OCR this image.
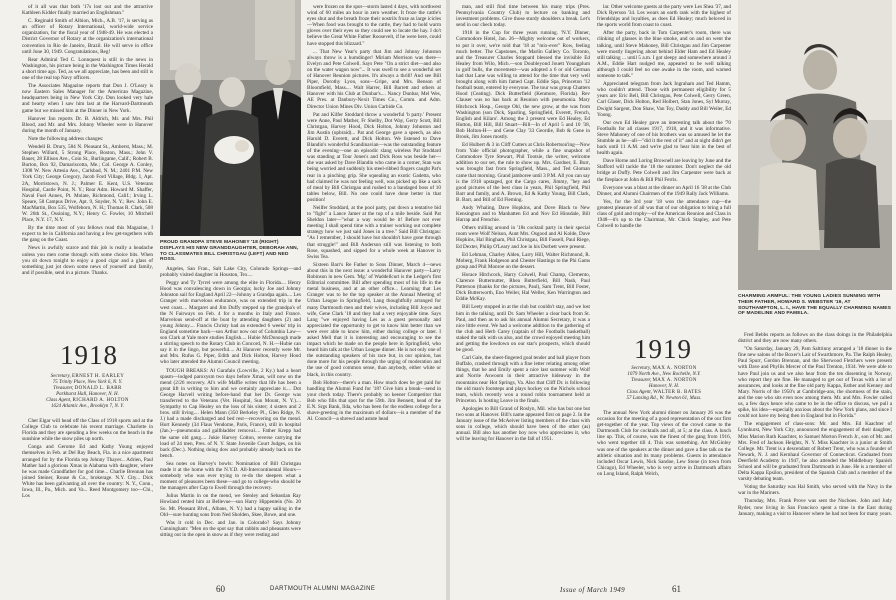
of it all was that both '17s lost out and the attractive Kathleen Kidder finally married an Englishman."

C. Reginald Smith of Albion, Mich., A.B. '17, is serving as an officer of Rotary International, world-wide service organization, for the fiscal year of 1948-49. He was elected a District Governor of Rotary at the organization's international convention in Rio de Janeiro, Brazil. He will serve in office until June 30, 1949. Congratulations, Reg!

Rear Admiral Ted C. Lonnquest is still in the news in Washington, his picture being in the Washington Times Herald a short time ago. Ted, as we all appreciate, has been and still is one of the real top Navy officers.

The Associates Magazine reports that Don J. O'Leary is now Eastern Sales Manager for the American Magazine, headquarters being in New York City. Don looked very hale and hearty when I saw him last at the Harvard-Dartmouth game but we missed him at the Dinner in New York.

Hanover Inn reports Dr. B. Aldrich, Mr. and Mrs. Phil Blood, and Mr. and Mrs. Johnny Wheeler were in Hanover during the month of January.

Note the following address changes:

Wendell B. Drury, 584 N. Pleasant St., Amherst, Mass.; M. Stephen Willard, 5 Strong Place, Boston, Mass.; John V. Bauer, 28 Ellison Ave., Coin St., Burlingame, Calif.; Robert B. Burton, Box 92, Damariscotta, Me.; Col. George A. Conley, 1308 W. New Artesia Ave., Carlsbad, N. M.; 2401 P.M. New York City; George Gregory, Jacob Ford Village, Bldg. 1, Apt. 2A, Morristown, N. J.; Palmer E. Kent, U.S. Veterans Hospital, Castle Point, N. Y.; Rear Adm. Howard M. Shaffer, Naval Fuel Annex, Pt. Molate, Richmond, Calif.; Irving L. Speare, 58 Campus Drive, Apt. 9, Snyder, N. Y.; Rev. John E. MacMartin, Box 535, Wolfeboro, N. H.; Thomas R. Clark, 508 W. 26th St., Ossining, N.Y.; Henry G. Fowler, 10 Mitchell Place, N.Y. 17, N.Y.

By the time most of you fellows read this Magazine, I expect to be in California and having a few get-togethers with the gang on the Coast.

News is awfully scarce and this job is really a headache unless you men come through with some choice bits. When you sit down tonight to enjoy a good cigar and a glass of something just jot down some news of yourself and family, and if possible, send in a picture. Thanks.

1918
Secretary, ERNEST H. EARLEY
75 Trinity Place, New York 6, N. Y.
Treasurer, DONALD L. BARR
Parkhurst Hall, Hanover, N. H.
Class Agent, RICHARD A. HOLTON
1624 Atlantic Ave., Brooklyn 7, N. Y.

Chet Elgar will head off the Class of 1918 sports and at the College Club to celebrate his recent marriage. Charlotte in Florida and they are spending a few weeks on the beach in the sunshine while the snow piles up north.

Conga and Gerome Ed and Kathy Young enjoyed themselves in Feb. at Del Ray Beach, Fla. in a nice apartment arranged for by the Florida rep Johnny Thayer... Adrien, Paul Mather had a glorious Xmas in Alabama with daughter, where he was made Grandfather for god time... Charlie Brennan has joined Steiner, Rouse & Co., brokerage. N.Y. City... Dick White has been galivanting all over the country: N. Y., Conn., Iowa, Ill., Pa., Mich. and Va... Reed Montgomery too—Chi., Los

PROUD GRANDPA STEVE MAHONEY '18 (RIGHT) DISPLAYS HIS NEW GRANDDAUGHTER, DEBORAH ANN, TO CLASSMATES BILL CHRISTGAU (LEFT) AND NED ROSS.

Angeles, San Fran., Salt Lake City, Colorado Springs—and probably visited daughter in Houston, Tex....

Peggy and Ty Tyrrel were among the elite in Florida.... Henry Hood was convalescing down in Georgia; lucky Joe and Johnny Johnston sail for England April 22—Johnny a Grandpa again.... Les Granger with marvelous endurance, was on extended trip in the west coast.... Margaret and Jim Duffy stepped up the grandpa's of the N Fairways on Feb. 4 for a months in Italy and France. Marvelous send-off at the boat by attending daughters (2) and young Johnny.... Francis Christy had an extended 6 weeks' trip in England sometime back—son Arthur now out of Columbia Law—son Clark at Yale more studies English.... Hubie McDonough made a stirring speech to the Rotary Club in Concord, N. H.—Hubie can say it in the lingo, but powerful.... At Hanover recently were Mr. and Mrs. Rufus G. Piper, Edith and Dick Holton, Harvey Hood who later attended the Alumni Council meeting.

TOUGH BREAKS: Al Garafalo (Lowville, 2 Ky.) had a heart spasm—lodged paroxysm two days before Xmas, will now on the mend (2/26 recovery. Al's wife Maffie writes that life has been a great lift in writing to him and we certainly appreciate it.... Dot George Harvell writing before-hand that her Dr. George was transferred to the Veterans (Vet. Hospital, Sun Mount, N. Y.).... Sympathy to Cap Healey on the loss of his sister; 4 sisters and 2 bros. still living.... Helen Mann (350 Berkeley Pl., Glen Ridge, N. J.) had a made discharged and bed rest—recovering on the mend. Hort Kennedy (34 Flaus Vendome, Paris, France), still in hospital (Jan.)—pneumonia and gallbladder removal.... Father Krepp had the same old gang.... Jukie Harvey Colton, reverse carrying the load of 24 men, Pres. of N. Y. State Juvenile Court Judges, on his back (Dec.). Nothing doing dow and probably already back on the bench.

Sea notes on Harvey's bowls: Nomination of Bill Christgau made it at the home with the N.Y.D. All-Intercontinental Hours—somebody who was ever trying to re-do the sleepers what a moment of pleasures been these—and go to college-who should be the managers after Cap to Ewell through the recovery.

Julius Martin in on the mend, we Stenley and Sebastian Ray Howland rented him at Bellevue—son Harry Hippentein (No. 20 So. Mt. Pleasant Blvd., Albans, N. Y.) had a happy sailing in the Old—sure hunting sons from Ned Sholden, Skee, Bowe, and one.

Was it cold in Dec. and Jan. in Colorado? Says Johnny Cunningham: "Men on the spot say that rabbits and pheasants were sitting out in the open in snow as if they were resting and

were frozen on the spot—storm lasted 4 days, with northwest wind of 60 miles an hour in zero weather. It froze the cattle's eyes shut and the breath froze their nostrils froze as large icicles—When food was brought to the cattle, they had to hold warm gloves over their eyes so they could see to locate the hay. I do't believe the Great White Father Roosevelt, if he were here, could have stopped this blizzard."

... That New Year's party that Jim and Johnny Johnston always throw is a humdinger! Miriam Morrison was there—Evelyn and Pete Colwell. Says Pete "On a strict diet—and also on the water wagon now"... It was swell to see a wonderful set of Hanover Reunion pictures. It's always a thrill! And see Bill Piper, Dorothy Lyon, sons—Gripe, and Mrs. Benson of Bloomfield, Mass.... Walt Harrer, Bill Barrett and others at Hanover with his Club at Dunbar's.... Nancy Dunbar, Mel Wes, AE Pres. at Danbury-Nexit Times Co., Comm. and Adm. Director Union Mines Div. Union Carbide Co.

Pat and Kilfer Stoddard throw a wonderful 'b party.' Present were Anne, Paul Mather, Fr Shelby, Dot Way, Gerry Scott, Bill Christgau, Harvey Hood, Dick Holton, Johnny Johnston and Jim Austin (upbraid)... Pat and George gave a speech, as also Harold D. Everett, and Dick Holton. We listened to Dave Blandin's wonderful Scandinavian—was the outstanding feature of the evening—one an episodic slang wireless Pat Stoddard was standing at Tour Jones's and Dick Ross was beside her—she was asked by Dave Blandin who came in a corner, Stan was being worried and suddenly his steel-ribbed fingers caught Pat's rear in a pinching grip. She squealing an exotic Gadetta, who had claimed he was not feeling well, was picked up like a sack of meal by Bill Christgau and rushed to a bandaged boss of 10 tables below, Bill. No one could have done better in that position!

Neilfer Stoddard, at the pool party, put down a tentative bid to "fight" a Lance Jamer at the top of a mile beside. Said Pat Sheldon later—"what a way would be it! Before not ever meeting I shall spend time with a trainer working out complete strategy how we just said Jones in a tree." Said Bill Christgau: "As I remember, I should have but shouldn't have gone through that struggle!" and Bill Anderson still was listening to both Rose, squashed, and sipped for a whole week at Hanover in Swiss Tea.

Sixteen Barr's Re Father to Sons Dinner, March 4—news about this in the next issue: a wonderful Hanover party—Larry Robinson in new Gem. 'Mg.' of Waddellcurt is the Ledger's first Editorial committee. Bill after spending most of his life in the metal business, and at an other office... Learning that Les Granger was to be the top speaker at the Annual Meeting of Urban League in Springfield, Lang thoughtfully arranged for many Dartmouth men and their wives, including Bill Joyce and wife, Gene Clark '18 and they had a very enjoyable time. Says Lang "we enjoyed having Les as a guest personally and appreciated the opportunity to get to know him better than we were ever able to know him, either during college or later. I asked Mell that it is interesting and encouraging to see the impact which he made on the people here in Springfield, who heard him talk at the Urban League dinner. He is not only one of the outstanding speakers of his race but, in our opinion, has done more for his people through the urging of moderation and the use of good common sense, than anybody, either white or black, in this country.

Bob Holton—there's a man. How much does he get paid for handling the Alumni Fund for '18? Give him a break—send in your check today. There's probably no keener Competitor that Bob who fills that spot for the 59th. Jim Bennett, head of the E.N. Srgs Bank, Ilda, who has been for the endless college for a shave-greeting in the maximum of dollars—is a member of the Al. Council—a shrewd and astute head

60	DARTMOUTH ALUMNI MAGAZINE

man, and still find time between his many trips (Pres. Pennsylvania Country Club) to lecture on banking and investment problems. Give those sturdy shoulders a break. Let's send in our check today.

1918 in the Cup for three years running. 'N.Y. Dinner, Commodore Hotel, Jan. 26—Mighty welcome out of workers, to put it over, we're told that '18 at "mix-ever" Row, feeling much better. The Capstones, the Marlin Gallery Co. Toronto, and the Treasurer Charles Stoppard blessed the invisible Ed Healey from Wilo, Mich.—son Doubleyond Jouett Youngplum in golf bulls, the movement—was adopted a 6 or old German had that Lane was willing to attend for the time that very well brought along with him famed Capt. Eddie Spa, Princeton '12 football team, entered by everyone. The tour was group Chatters Hood (Ceating). Dick Butterfield (Kenmore, Florida). Rev Clauser was no has back at Reunion with pneumonia. Mary Hitchcock Hosp., George Ohl, the new grow, at the was from Washington (son Dick, Sparling, Springfield, Everett, French, English and Kilaro'. Among the 3 present were Ed Healey, Ed Hutton, Bill Hill, Bill Stuart—Bill—In of April 5 and 10 '38, Bob Holton-H— and Gene Clay '33 Geordie, Bob & Gene in Brook, Jim Jones mostly.

Ed Hulbert & 3 in Cliff Cutters at Chris Robertson'ing—Now from Yale official photographer, while a fine snapshot of Commodore Tyre Stewart, Phil Tootsie, the writer, welcome addition to our set, the rule to show up. Mrs. Gardner, E. Burr, was brought fast from Springfield, Mass., and Ted Gloman came that morning. Grand jamboree until 3 P.M. All you can say is the 1918 upstaged, got the Cargo cares, Jimmy, "hey and good pictures of the best class in years, Phil Springfield, Phil Barr and family, and A. Brown, Ed & Kathy Young, Bill Clark, B. Barr, and Bill of Ed Fleming.

Andy Whaling, Dave Hopkins, and Dove Black to New Kensington and to Manhatten Ed and Nov Ed Hinsdale, Bill Harrap and Frenchie.

Others milling around in '18s cocktail party in their special room were Wolf Nelson, Aunt Mrs. Osgood and Al Kolde, Dave Hopkins, Hal Bingham, Phil Christgau, Bill Fassell, Paul Riege, Ed Dexter, Philip O'Leary and Joe in his Dorbett were present.

Ed Lehman, Charley Alden, Larry Hill, Walter Richmond, R. Moberg, Frank Hodgeson and Chester Hastings to the Phi Gams group and Phil Monroe on the dessert.

Horace Hitchcock, Harry Colwell, Paul Champ, Clemento, Clarence Butternutter, Rhea Butterfield, Bill Nash, Paul Patterson (thanks for the pictures, Paul), Sam Trent, Bill Foster, Dick Butterworth, Eno Weiler, Hal Weller, Ken Warrington and Eddie McKay.

Bill Leety stopped in at the club but couldn't stay, and we lost him in the talking, until Dr. Sam Wheeler a clear back from St. Paul, and then as to ask his annual Alumni Secretary, it was a nice little event. We had a welcome addition to the gathering of the club and Herb Carey (captain of the Footballs basketball) staked the talk with us also, and the crowd enjoyed meeting him and getting the lowdown on our star's prospects, which should be good.

Carl Gale, the sheet-fingered goal tender and ball player from Buffalo, crashed through with a fine letter relating among other things, that he and Emily spent a nice last summer with Wolf and Norrie Aswoom in their attractive hideaway in the mountains near Hot Springs, Va. Also that Cliff Dr. is following the old man's footsteps and plays hockey on the Nichols school team, which recently won a round robin tournament held at Princeton. Is hosting Leave in the finals.

Apologies to Bill Grand of Roslyn, Mil. who has but one but two sons at Hanover. Bill's name appeared first on page 2. In the January issue of the McAeiver listing members of the class with sons in college, which should have been of the other (as) annual. Bill also has another boy now who appreciates it, who will be leaving for Hanover in the fall of 1951.

lar. Other welcome guests at the party were Les Shea '37, and Dick Ryerson '34. Les wears an earth rank with the highest of friendships and loyalties, as does Ed Healey; much beloved in the sports world from coast to coast.

After the party, back in Tom Carpenter's room, there was clinking of glasses in the blue smoke, and on and on went the talking, until Steve Mahoney, Bill Christgau and Jim Carpenter were mostly lingering about behind Elder Ham and Ed Healey still talking ... until 5 a.m. I got sleepy and somewhere around 3 A.M., Eddie Hart nudged me, appeared to be well talking although I could feel no one awake in the room, and warned someone to talk."

Appreciated telegram from Jack Ingraham and Ted Hamm, who couldn't attend. Those with permanent eligibility for 5 years are: Eric Bell, Bill Christgau, Pete Colwell, Gerry Green, Carl Glaser, Dick Holton, Red Holbert, Stan Jones, Syl Murray, Dwight Sargent, Don Shaw, Van Toy, Daddy and Bill Weiler, Ed Young.

Our own Ed Healey gave an interesting talk about the '70 Footballs for all classes 1917, 1918, and it was informative. Steve Mahoney of one of his brothers was so amused he let the Stumble as he—all—"did it the rest of it" and at night didn't get back until 11 A.M. and we're glad to hear him in the best of health again.

Dave Horne and Loring Brownell are leaving by June and the Stafford will tackle the '18 the summer. Don't neglect the old bridge at Duffy. Pete Colwell and Jim Carpenter were back at the fireplace at John & Bill Phil Ferris.

Everyone was a blast at the dinner on April 16 '38 at the Club Dinner, and Alumni Chairmen of the 1949 Rally Jack Williams.

Yes, for the 3rd year '18 won the attendance cup—the greatest pleasure of all was that of our obligation to bring a full class of gold and trophy—of the American Reunion and Class in 1948—it's up to the Chairman, Mr. Chick Stapley, and Pete Colwell to handle the

1919
Secretary, MAX A. NORTON
1079 North Ave., New Rochelle, N.Y.
Treasurer, MAX A. NORTON
Hanover, N. H.
Class Agent, WALTER B. BATES
57 Lansing Rd., W. Newton 61, Mass.

The annual New York alumni dinner on January 26 was the occasion for the meeting of a good representation of the our first get-together of the year. Top views of the crowd came to the Dartmouth Club for cocktails and all, at 5; at the class. A lunch line up. This, of course, was the finest of the gang from 1916, who went together till 4. This was something. Art McGinley was one of the speakers at the dinner and gave a fine talk on the athletic situation and its many problems. Guests in attendance included Oscar Lewis, Nick Sandoe, Lew Stone (in town from Chicago), Ed Wheeler, who is very active in Dartmouth affairs on Long Island, Ralph Welch,

CHARMING ARMFUL: THE YOUNG LADIES SUNNING WITH THEIR FATHER, HOWARD S. WEBSTER '19, AT SOUTHAMPTON, L. I., HAVE THE EQUALLY CHARMING NAMES OF MADELINE AND PAMELA.

Fred Bebbs reports as follows on the class doings in the Philadelphia district and they are now many others.

"On Saturday, January 29, Pam Saltrinny arranged a '18 dinner in the fine new salons of the Boxer's Lair of Swarthmore, Pa. The Ralph Healey, Paul Spurr, Gordon Brennan, and the Sherwood Fletchers were present with Dave and Phyllis Mercer of the Paul Trenton, 1934. We were able to have Paul join us and we also hear from the ten dissenting in Norway, who report they are fine. He managed to get out of Texas with a lot of assurances, and looks at the fine old party Kappa, Esther and Kenney and Mary. Norris of the 1950's at Cambridge-ans, the shortness of the stain, and the one who sits even now among them. Mr. and Mrs. Fowler called us, a few days hence who came to be in the office to discuss, we pull a spike, his idea—especially anxious about the New York plans, and since I could not have my being then in England but in Florida."

The engagement of class-sons: Mr. and Mrs. Ed Kaachter of Lynnhurst, New York City, announced the engagement of their daughter, Miss Marion Ruth Kaachter, to Samuel Morton French Jr., son of Mr. and Mrs. Fred of Jackson Heights, N. Y. Miss Kaachter is a junior at Smith College. Mr. Trent is a descendant of Robert Trent, who was a founder of Newark, N. J. and Kernhaul Governor of Connecticut. Graduated from Deerfield Academy in 1947, he also attended the Middlebury Spanish School and will be graduated from Dartmouth in June. He is a member of Delta Kappa Epsilon, president of the Spanish Club and a member of the varsity debating team.

Voting the Saturday was Hal Smith, who served with the Navy in the war in the Mariners.

Thursday, Mrs. Frank Prove was sent the Nuchoes. John and Judy Ryder, now living in San Francisco spent a time in the East during January, making a visit to Hanover where he had not been for many years.

Issue of March 1949	61
